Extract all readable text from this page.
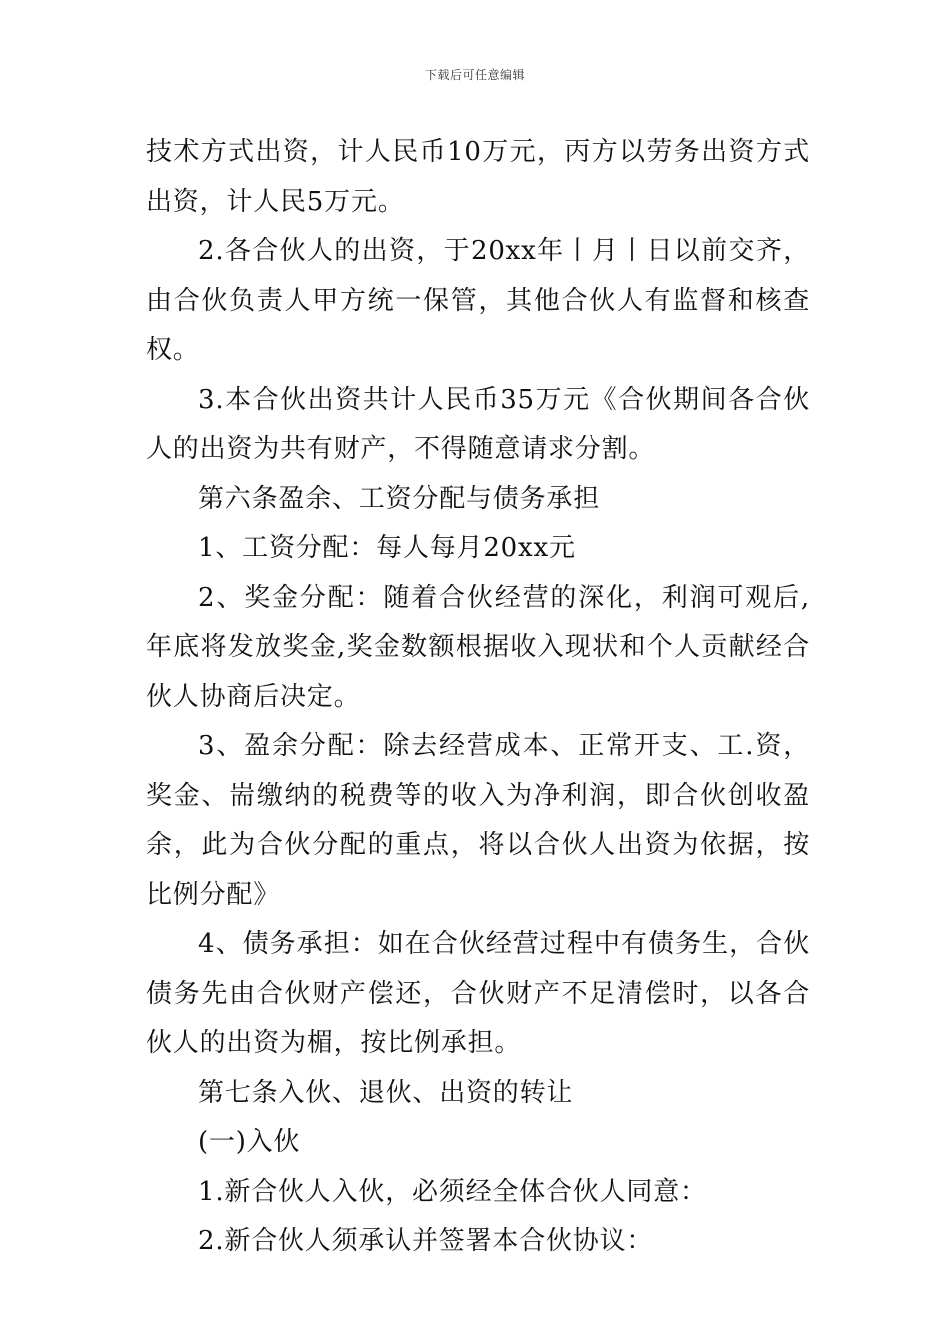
下载后可任意编辑

技术方式出资，计人民币10万元，丙方以劳务出资方式出资，计人民5万元。

2.各合伙人的出资，于20xx年丨月丨日以前交齐，由合伙负责人甲方统一保管，其他合伙人有监督和核查权。

3.本合伙出资共计人民币35万元《合伙期间各合伙人的出资为共有财产，不得随意请求分割。

第六条盈余、工资分配与债务承担

1、工资分配：每人每月20xx元

2、奖金分配：随着合伙经营的深化，利润可观后,年底将发放奖金,奖金数额根据收入现状和个人贡献经合伙人协商后决定。

3、盈余分配：除去经营成本、正常开支、工.资，奖金、耑缴纳的税费等的收入为净利润，即合伙创收盈余，此为合伙分配的重点，将以合伙人出资为依据，按比例分配》

4、债务承担：如在合伙经营过程中有债务生，合伙债务先由合伙财产偿还，合伙财产不足清偿时，以各合伙人的出资为楣，按比例承担。

第七条入伙、退伙、出资的转让

(一)入伙

1.新合伙人入伙，必须经全体合伙人同意：

2.新合伙人须承认并签署本合伙协议：
